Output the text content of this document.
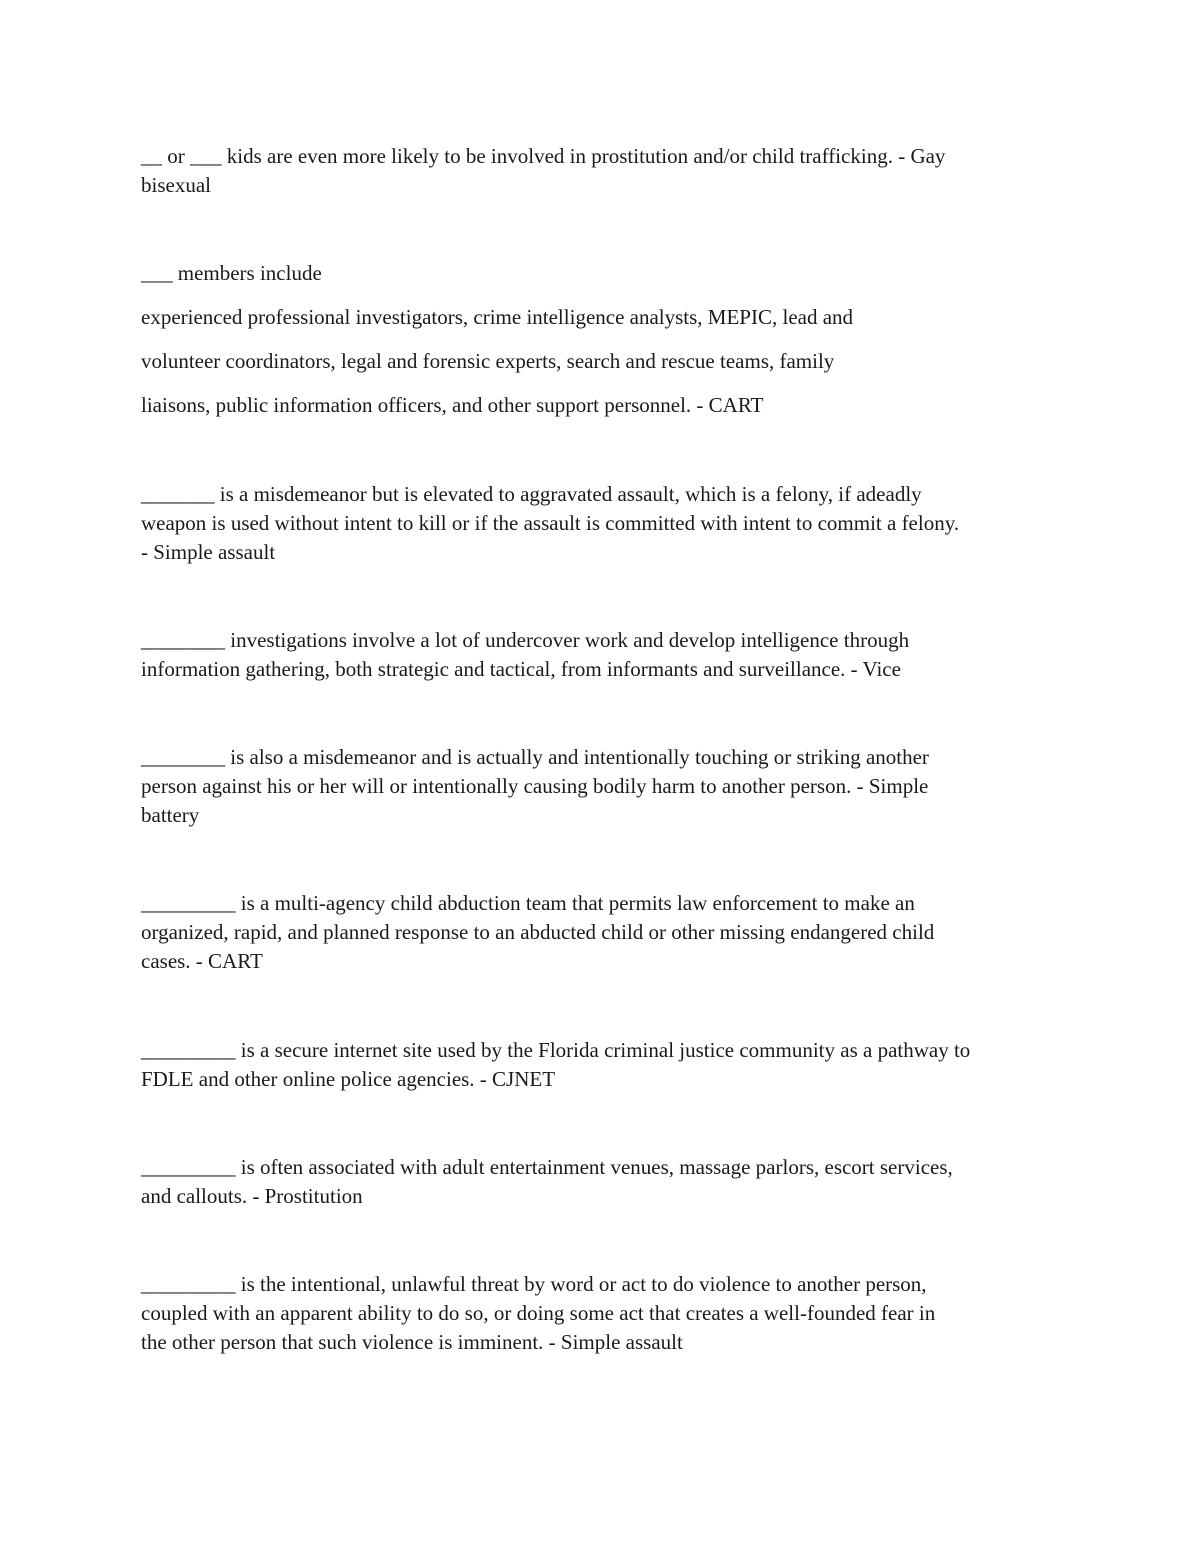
__ or ___ kids are even more likely to be involved in prostitution and/or child trafficking. - Gay
bisexual

___ members include
experienced professional investigators, crime intelligence analysts, MEPIC, lead and
volunteer coordinators, legal and forensic experts, search and rescue teams, family
liaisons, public information officers, and other support personnel. - CART

_______ is a misdemeanor but is elevated to aggravated assault, which is a felony, if adeadly
weapon is used without intent to kill or if the assault is committed with intent to commit a felony.
- Simple assault

________ investigations involve a lot of undercover work and develop intelligence through
information gathering, both strategic and tactical, from informants and surveillance. - Vice

________ is also a misdemeanor and is actually and intentionally touching or striking another
person against his or her will or intentionally causing bodily harm to another person. - Simple
battery

_________ is a multi-agency child abduction team that permits law enforcement to make an
organized, rapid, and planned response to an abducted child or other missing endangered child
cases. - CART

_________ is a secure internet site used by the Florida criminal justice community as a pathway to
FDLE and other online police agencies. - CJNET

_________ is often associated with adult entertainment venues, massage parlors, escort services,
and callouts. - Prostitution

_________ is the intentional, unlawful threat by word or act to do violence to another person,
coupled with an apparent ability to do so, or doing some act that creates a well-founded fear in
the other person that such violence is imminent. - Simple assault
